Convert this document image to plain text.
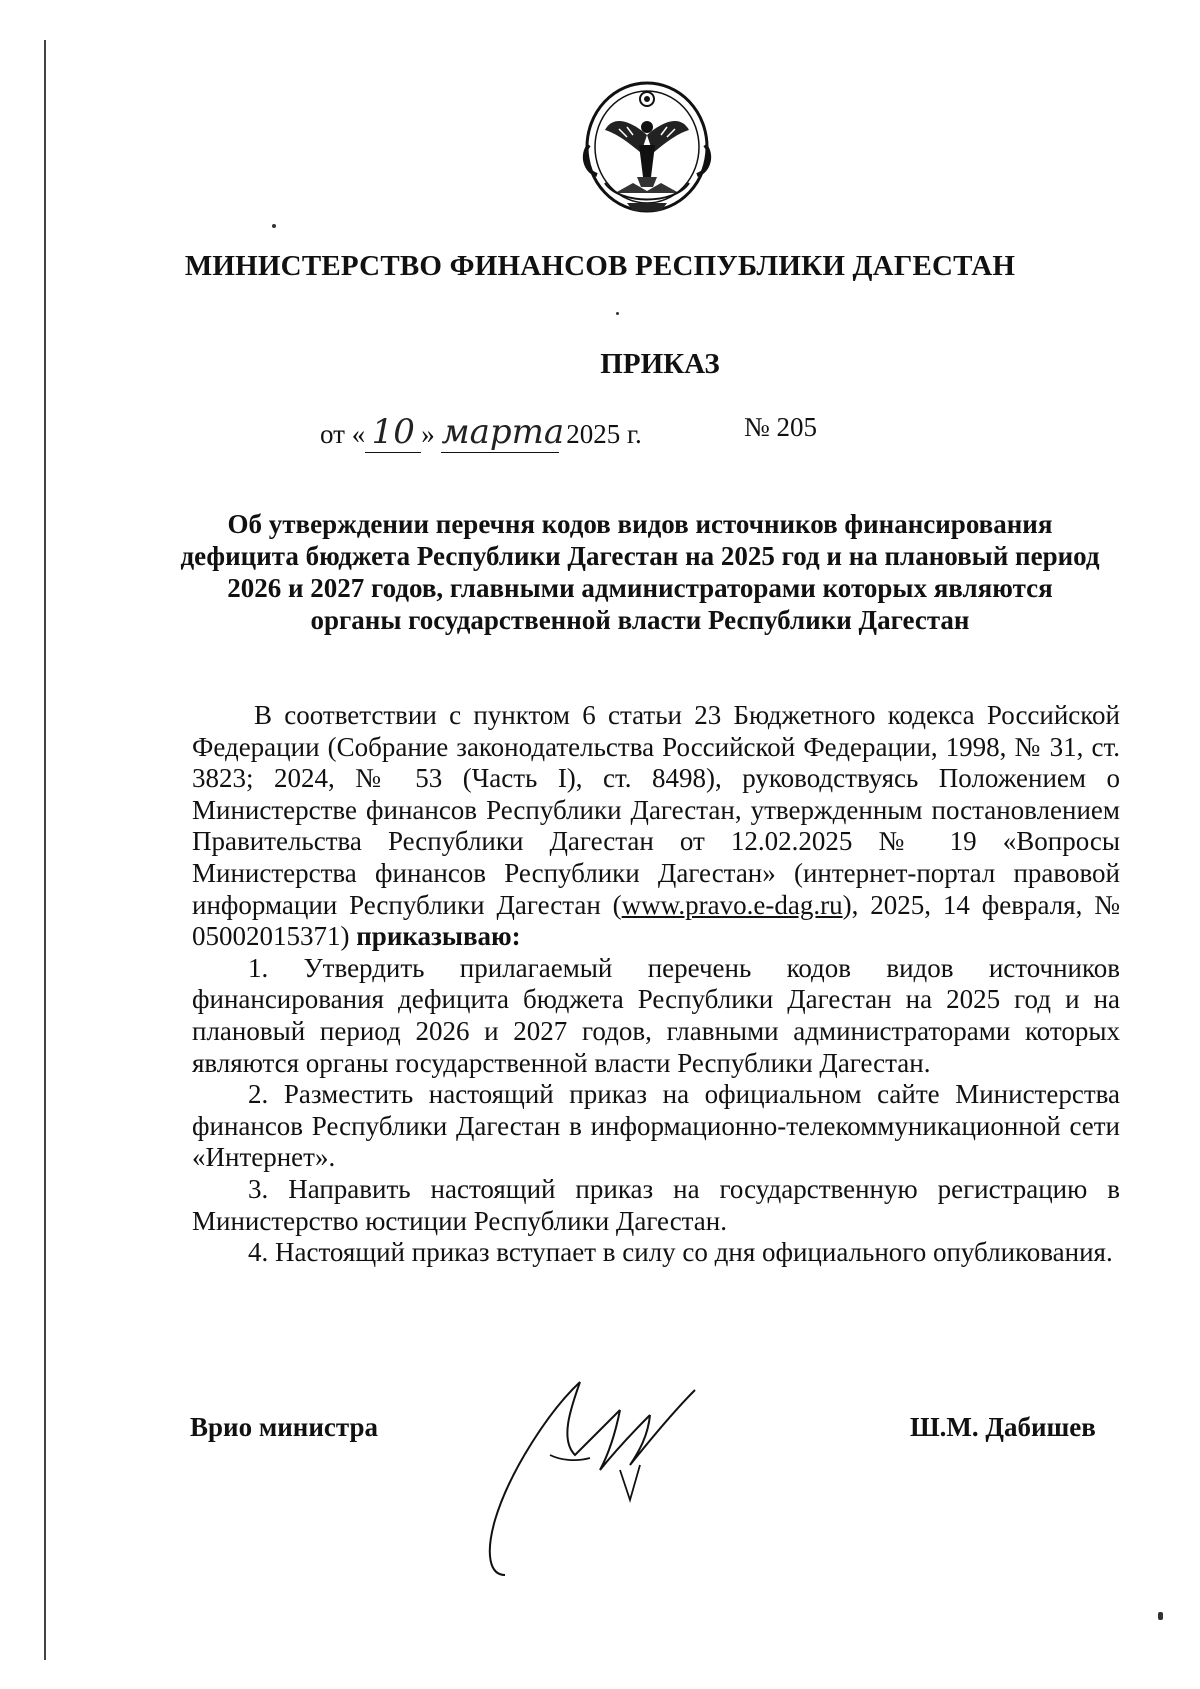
МИНИСТЕРСТВО ФИНАНСОВ РЕСПУБЛИКИ ДАГЕСТАН
ПРИКАЗ
от « 10 » марта 2025 г.	№ 205
Об утверждении перечня кодов видов источников финансирования дефицита бюджета Республики Дагестан на 2025 год и на плановый период 2026 и 2027 годов, главными администраторами которых являются органы государственной власти Республики Дагестан

В соответствии с пунктом 6 статьи 23 Бюджетного кодекса Российской Федерации (Собрание законодательства Российской Федерации, 1998, № 31, ст. 3823; 2024, № 53 (Часть I), ст. 8498), руководствуясь Положением о Министерстве финансов Республики Дагестан, утвержденным постановлением Правительства Республики Дагестан от 12.02.2025 № 19 «Вопросы Министерства финансов Республики Дагестан» (интернет-портал правовой информации Республики Дагестан (www.pravo.e-dag.ru), 2025, 14 февраля, № 05002015371) приказываю:

1. Утвердить прилагаемый перечень кодов видов источников финансирования дефицита бюджета Республики Дагестан на 2025 год и на плановый период 2026 и 2027 годов, главными администраторами которых являются органы государственной власти Республики Дагестан.

2. Разместить настоящий приказ на официальном сайте Министерства финансов Республики Дагестан в информационно-телекоммуникационной сети «Интернет».

3. Направить настоящий приказ на государственную регистрацию в Министерство юстиции Республики Дагестан.

4. Настоящий приказ вступает в силу со дня официального опубликования.

Врио министра	Ш.М. Дабишев
